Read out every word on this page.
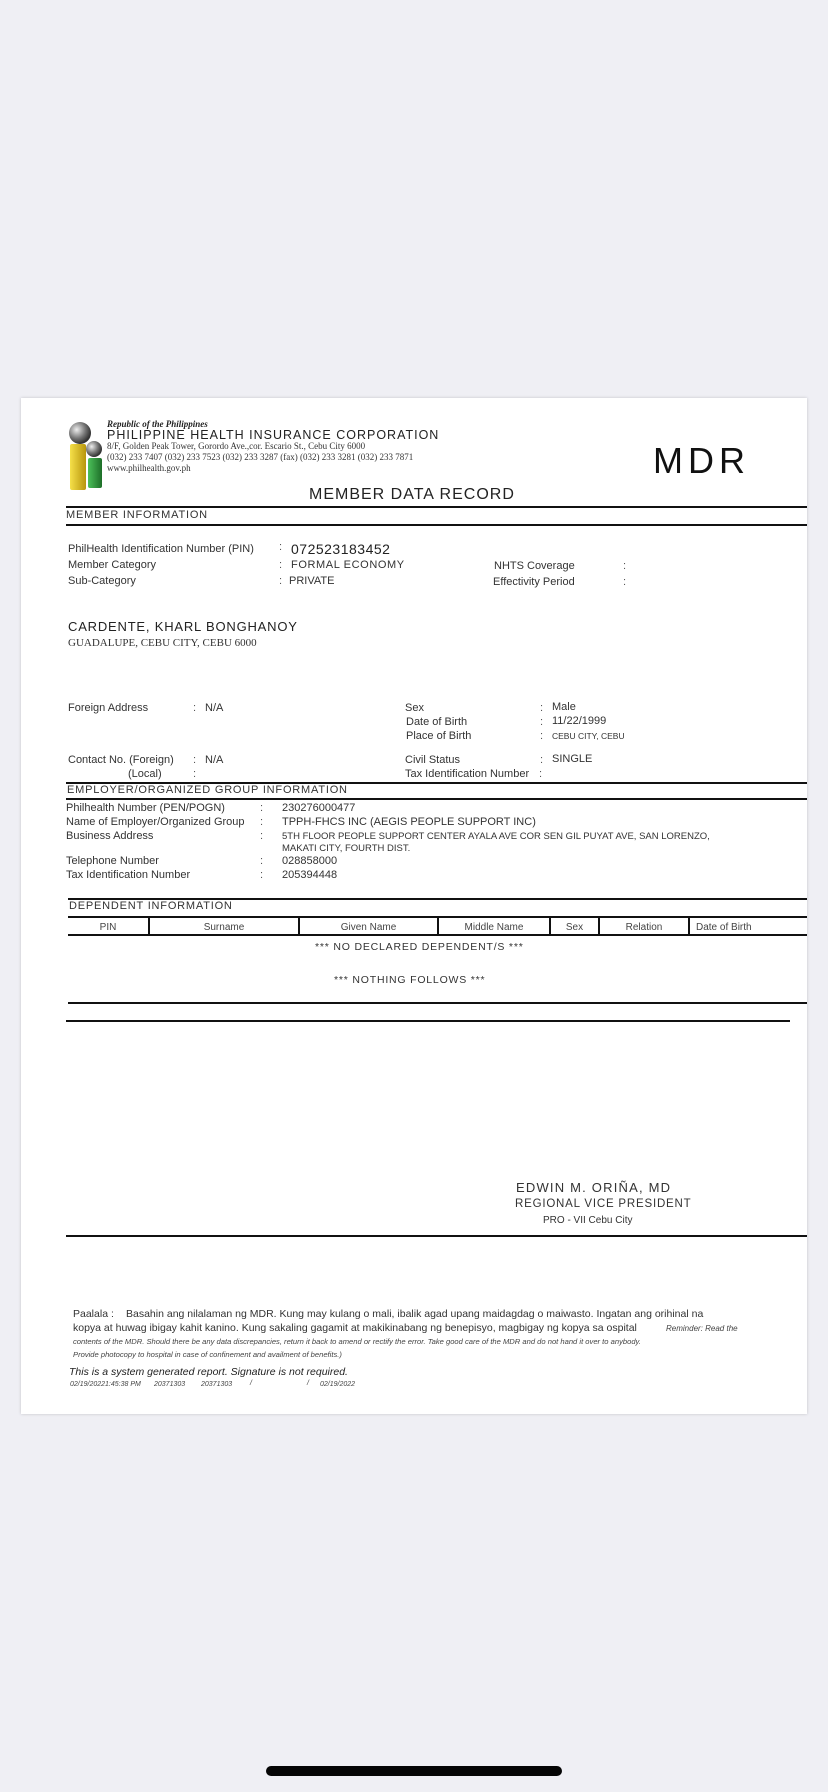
Republic of the Philippines
PHILIPPINE HEALTH INSURANCE CORPORATION
8/F, Golden Peak Tower, Gorordo Ave.,cor. Escario St., Cebu City 6000
(032) 233 7407 (032) 233 7523 (032) 233 3287 (fax) (032) 233 3281 (032) 233 7871
www.philhealth.gov.ph	MDR
MEMBER DATA RECORD
MEMBER INFORMATION
PhilHealth Identification Number (PIN) : 072523183452
Member Category	: FORMAL ECONOMY
Sub-Category	: PRIVATE
NHTS Coverage	:
Effectivity Period	:
CARDENTE, KHARL BONGHANOY
GUADALUPE, CEBU CITY, CEBU 6000
Foreign Address	: N/A
Contact No. (Foreign) : N/A
(Local)	:
Sex	: Male
Date of Birth	: 11/22/1999
Place of Birth	: CEBU CITY, CEBU
Civil Status	: SINGLE
Tax Identification Number :
EMPLOYER/ORGANIZED GROUP INFORMATION
Philhealth Number (PEN/POGN)	: 230276000477
Name of Employer/Organized Group : TPPH-FHCS INC (AEGIS PEOPLE SUPPORT INC)
Business Address	: 5TH FLOOR PEOPLE SUPPORT CENTER AYALA AVE COR SEN GIL PUYAT AVE, SAN LORENZO,
MAKATI CITY, FOURTH DIST.
Telephone Number	: 028858000
Tax Identification Number	: 205394448
DEPENDENT INFORMATION
PIN	Surname	Given Name	Middle Name	Sex	Relation	Date of Birth
*** NO DECLARED DEPENDENT/S ***
*** NOTHING FOLLOWS ***
EDWIN M. ORIÑA, MD
REGIONAL VICE PRESIDENT
PRO - VII Cebu City
Paalala : Basahin ang nilalaman ng MDR. Kung may kulang o mali, ibalik agad upang maidagdag o maiwasto. Ingatan ang orihinal na
kopya at huwag ibigay kahit kanino. Kung sakaling gagamit at makikinabang ng benepisyo, magbigay ng kopya sa ospital	Reminder: Read the
contents of the MDR. Should there be any data discrepancies, return it back to amend or rectify the error. Take good care of the MDR and do not hand it over to anybody.
Provide photocopy to hospital in case of confinement and availment of benefits.)
This is a system generated report. Signature is not required.
02/19/20221:45:38 PM 20371303 20371303	/	/ 02/19/2022
